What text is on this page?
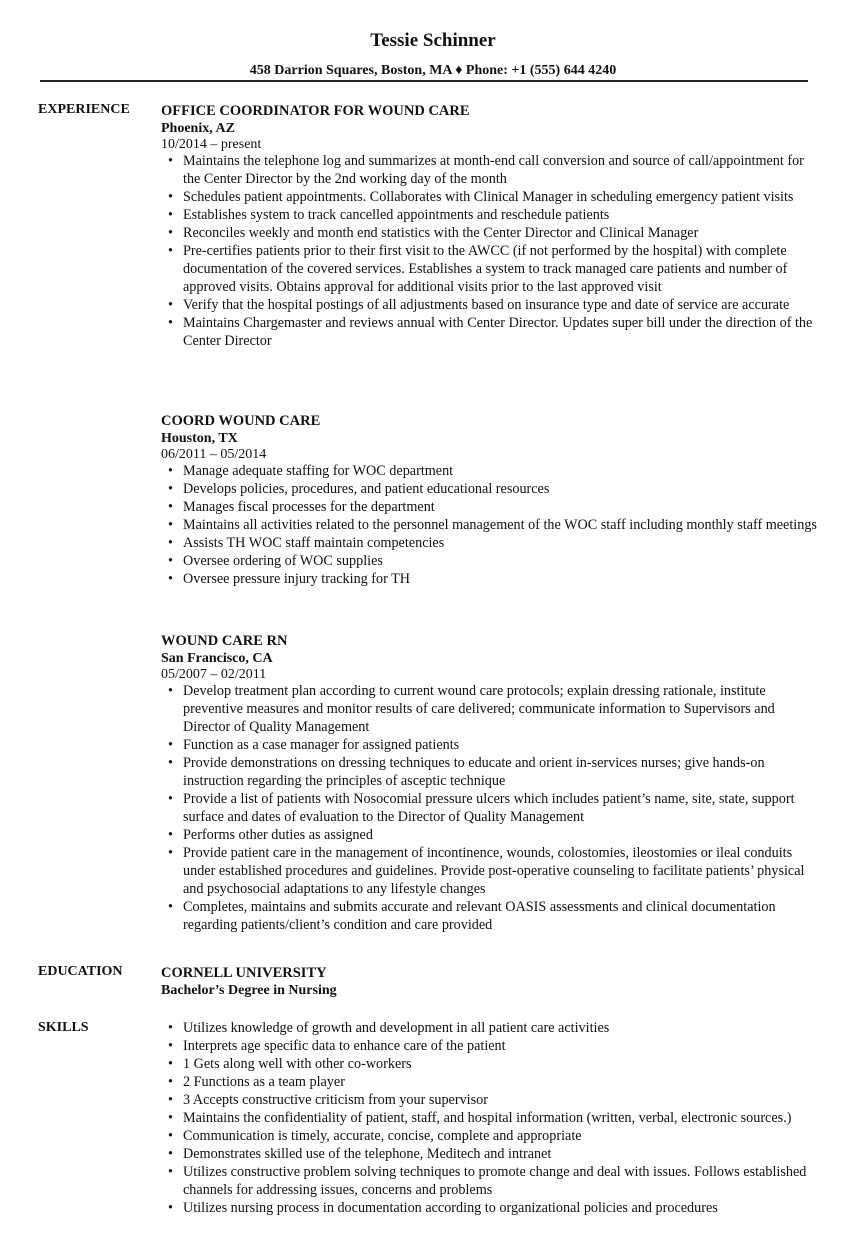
Tessie Schinner
458 Darrion Squares, Boston, MA ♦ Phone: +1 (555) 644 4240
EXPERIENCE OFFICE COORDINATOR FOR WOUND CARE
Phoenix, AZ
10/2014 – present
• Maintains the telephone log and summarizes at month-end call conversion and source of call/appointment for the Center Director by the 2nd working day of the month
• Schedules patient appointments. Collaborates with Clinical Manager in scheduling emergency patient visits
• Establishes system to track cancelled appointments and reschedule patients
• Reconciles weekly and month end statistics with the Center Director and Clinical Manager
• Pre-certifies patients prior to their first visit to the AWCC (if not performed by the hospital) with complete documentation of the covered services. Establishes a system to track managed care patients and number of approved visits. Obtains approval for additional visits prior to the last approved visit
• Verify that the hospital postings of all adjustments based on insurance type and date of service are accurate
• Maintains Chargemaster and reviews annual with Center Director. Updates super bill under the direction of the Center Director
COORD WOUND CARE
Houston, TX
06/2011 – 05/2014
• Manage adequate staffing for WOC department
• Develops policies, procedures, and patient educational resources
• Manages fiscal processes for the department
• Maintains all activities related to the personnel management of the WOC staff including monthly staff meetings
• Assists TH WOC staff maintain competencies
• Oversee ordering of WOC supplies
• Oversee pressure injury tracking for TH
WOUND CARE RN
San Francisco, CA
05/2007 – 02/2011
• Develop treatment plan according to current wound care protocols; explain dressing rationale, institute preventive measures and monitor results of care delivered; communicate information to Supervisors and Director of Quality Management
• Function as a case manager for assigned patients
• Provide demonstrations on dressing techniques to educate and orient in-services nurses; give hands-on instruction regarding the principles of asceptic technique
• Provide a list of patients with Nosocomial pressure ulcers which includes patient’s name, site, state, support surface and dates of evaluation to the Director of Quality Management
• Performs other duties as assigned
• Provide patient care in the management of incontinence, wounds, colostomies, ileostomies or ileal conduits under established procedures and guidelines. Provide post-operative counseling to facilitate patients’ physical and psychosocial adaptations to any lifestyle changes
• Completes, maintains and submits accurate and relevant OASIS assessments and clinical documentation regarding patients/client’s condition and care provided
EDUCATION	CORNELL UNIVERSITY
Bachelor’s Degree in Nursing
SKILLS
•	Utilizes knowledge of growth and development in all patient care activities
• Interprets age specific data to enhance care of the patient
• 1 Gets along well with other co-workers
• 2 Functions as a team player
• 3 Accepts constructive criticism from your supervisor
• Maintains the confidentiality of patient, staff, and hospital information (written, verbal, electronic sources.)
• Communication is timely, accurate, concise, complete and appropriate
• Demonstrates skilled use of the telephone, Meditech and intranet
• Utilizes constructive problem solving techniques to promote change and deal with issues. Follows established channels for addressing issues, concerns and problems
• Utilizes nursing process in documentation according to organizational policies and procedures
